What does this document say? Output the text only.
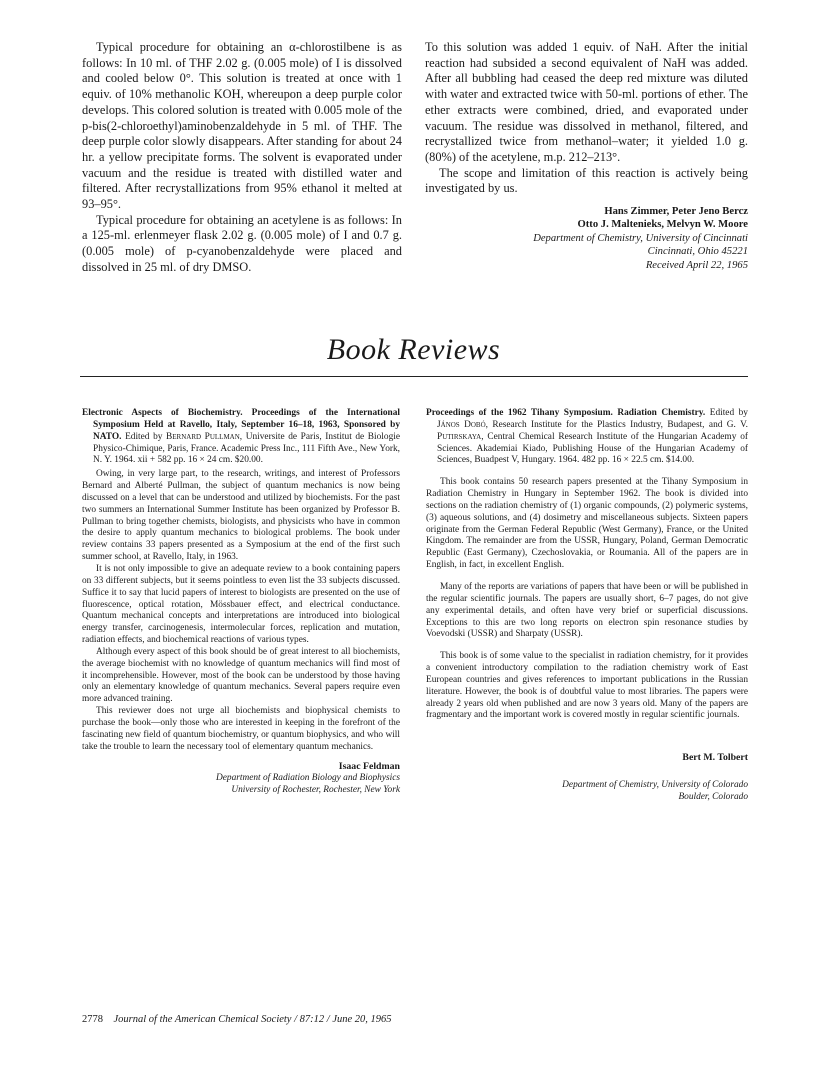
Typical procedure for obtaining an α-chlorostilbene is as follows: In 10 ml. of THF 2.02 g. (0.005 mole) of I is dissolved and cooled below 0°. This solution is treated at once with 1 equiv. of 10% methanolic KOH, whereupon a deep purple color develops. This colored solution is treated with 0.005 mole of the p-bis(2-chloroethyl)aminobenzaldehyde in 5 ml. of THF. The deep purple color slowly disappears. After standing for about 24 hr. a yellow precipitate forms. The solvent is evaporated under vacuum and the residue is treated with distilled water and filtered. After recrystallizations from 95% ethanol it melted at 93–95°.

Typical procedure for obtaining an acetylene is as follows: In a 125-ml. erlenmeyer flask 2.02 g. (0.005 mole) of I and 0.7 g. (0.005 mole) of p-cyanobenzaldehyde were placed and dissolved in 25 ml. of dry DMSO.

To this solution was added 1 equiv. of NaH. After the initial reaction had subsided a second equivalent of NaH was added. After all bubbling had ceased the deep red mixture was diluted with water and extracted twice with 50-ml. portions of ether. The ether extracts were combined, dried, and evaporated under vacuum. The residue was dissolved in methanol, filtered, and recrystallized twice from methanol–water; it yielded 1.0 g. (80%) of the acetylene, m.p. 212–213°.

The scope and limitation of this reaction is actively being investigated by us.

Hans Zimmer, Peter Jeno Bercz
Otto J. Maltenieks, Melvyn W. Moore
Department of Chemistry, University of Cincinnati
Cincinnati, Ohio 45221
Received April 22, 1965
Book Reviews

Electronic Aspects of Biochemistry. Proceedings of the International Symposium Held at Ravello, Italy, September 16–18, 1963, Sponsored by NATO. Edited by Bernard Pullman, Universite de Paris, Institut de Biologie Physico-Chimique, Paris, France. Academic Press Inc., 111 Fifth Ave., New York, N. Y. 1964. xii + 582 pp. 16 × 24 cm. $20.00.

Owing, in very large part, to the research, writings, and interest of Professors Bernard and Alberté Pullman, the subject of quantum mechanics is now being discussed on a level that can be understood and utilized by biochemists. For the past two summers an International Summer Institute has been organized by Professor B. Pullman to bring together chemists, biologists, and physicists who have in common the desire to apply quantum mechanics to biological problems. The book under review contains 33 papers presented as a Symposium at the end of the first such summer school, at Ravello, Italy, in 1963.

It is not only impossible to give an adequate review to a book containing papers on 33 different subjects, but it seems pointless to even list the 33 subjects discussed. Suffice it to say that lucid papers of interest to biologists are presented on the use of fluorescence, optical rotation, Mössbauer effect, and electrical conductance. Quantum mechanical concepts and interpretations are introduced into biological energy transfer, carcinogenesis, intermolecular forces, replication and mutation, radiation effects, and biochemical reactions of various types.

Although every aspect of this book should be of great interest to all biochemists, the average biochemist with no knowledge of quantum mechanics will find most of it incomprehensible. However, most of the book can be understood by those having only an elementary knowledge of quantum mechanics. Several papers require even more advanced training.

This reviewer does not urge all biochemists and biophysical chemists to purchase the book—only those who are interested in keeping in the forefront of the fascinating new field of quantum biochemistry, or quantum biophysics, and who will take the trouble to learn the necessary tool of elementary quantum mechanics.

Isaac Feldman
Department of Radiation Biology and Biophysics
University of Rochester, Rochester, New York

Proceedings of the 1962 Tihany Symposium. Radiation Chemistry. Edited by János Dobó, Research Institute for the Plastics Industry, Budapest, and G. V. Putirskaya, Central Chemical Research Institute of the Hungarian Academy of Sciences. Akademiai Kiado, Publishing House of the Hungarian Academy of Sciences, Buadpest V, Hungary. 1964. 482 pp. 16 × 22.5 cm. $14.00.

This book contains 50 research papers presented at the Tihany Symposium in Radiation Chemistry in Hungary in September 1962. The book is divided into sections on the radiation chemistry of (1) organic compounds, (2) polymeric systems, (3) aqueous solutions, and (4) dosimetry and miscellaneous subjects. Sixteen papers originate from the German Federal Republic (West Germany), France, or the United Kingdom. The remainder are from the USSR, Hungary, Poland, German Democratic Republic (East Germany), Czechoslovakia, or Roumania. All of the papers are in English, in fact, in excellent English.

Many of the reports are variations of papers that have been or will be published in the regular scientific journals. The papers are usually short, 6–7 pages, do not give any experimental details, and often have very brief or superficial discussions. Exceptions to this are two long reports on electron spin resonance studies by Voevodski (USSR) and Sharpaty (USSR).

This book is of some value to the specialist in radiation chemistry, for it provides a convenient introductory compilation to the radiation chemistry work of East European countries and gives references to important publications in the Russian literature. However, the book is of doubtful value to most libraries. The papers were already 2 years old when published and are now 3 years old. Many of the papers are fragmentary and the important work is covered mostly in regular scientific journals.

Bert M. Tolbert
Department of Chemistry, University of Colorado
Boulder, Colorado
2778 Journal of the American Chemical Society / 87:12 / June 20, 1965
